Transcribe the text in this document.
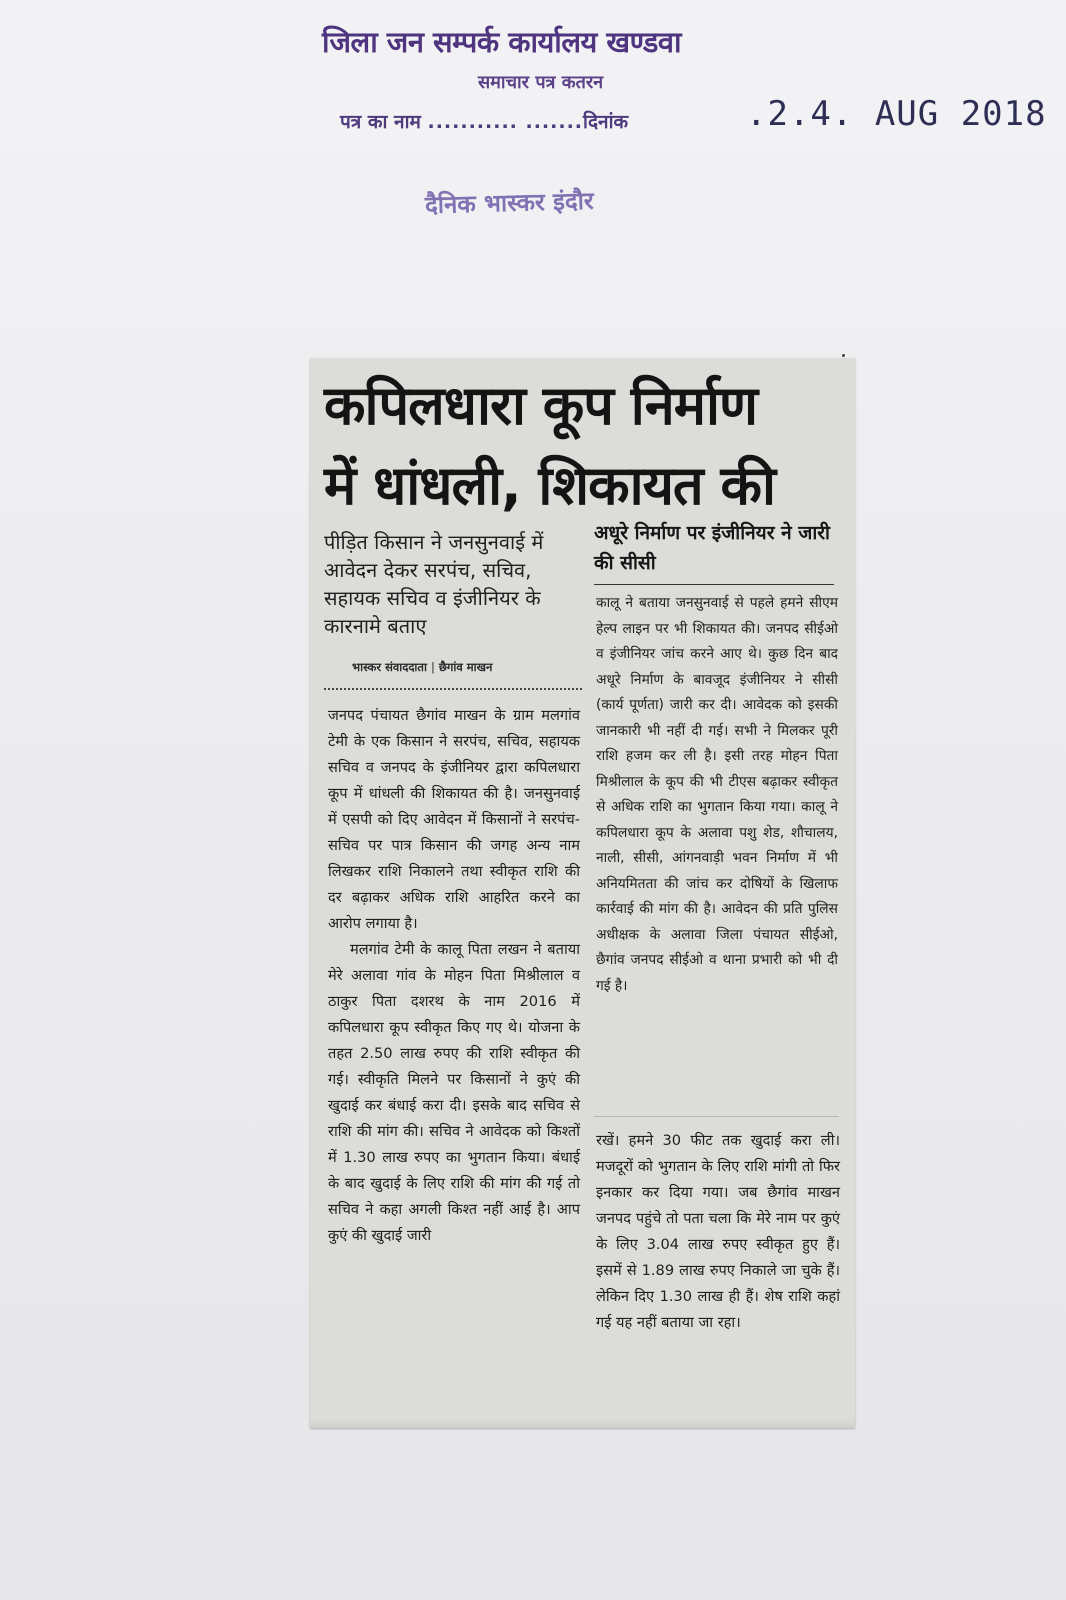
जिला जन सम्पर्क कार्यालय खण्डवा
समाचार पत्र कतरन
पत्र का नाम ........... .......दिनांक	.2.4. AUG 2018
दैनिक भास्कर इंदौर
कपिलधारा कूप निर्माण
में धांधली, शिकायत की
पीड़ित किसान ने जनसुनवाई में आवेदन देकर सरपंच, सचिव, सहायक सचिव व इंजीनियर के कारनामे बताए
भास्कर संवाददाता | छैगांव माखन

जनपद पंचायत छैगांव माखन के ग्राम मलगांव टेमी के एक किसान ने सरपंच, सचिव, सहायक सचिव व जनपद के इंजीनियर द्वारा कपिलधारा कूप में धांधली की शिकायत की है। जनसुनवाई में एसपी को दिए आवेदन में किसानों ने सरपंच-सचिव पर पात्र किसान की जगह अन्य नाम लिखकर राशि निकालने तथा स्वीकृत राशि की दर बढ़ाकर अधिक राशि आहरित करने का आरोप लगाया है।

मलगांव टेमी के कालू पिता लखन ने बताया मेरे अलावा गांव के मोहन पिता मिश्रीलाल व ठाकुर पिता दशरथ के नाम 2016 में कपिलधारा कूप स्वीकृत किए गए थे। योजना के तहत 2.50 लाख रुपए की राशि स्वीकृत की गई। स्वीकृति मिलने पर किसानों ने कुएं की खुदाई कर बंधाई करा दी। इसके बाद सचिव से राशि की मांग की। सचिव ने आवेदक को किश्तों में 1.30 लाख रुपए का भुगतान किया। बंधाई के बाद खुदाई के लिए राशि की मांग की गई तो सचिव ने कहा अगली किश्त नहीं आई है। आप कुएं की खुदाई जारी

अधूरे निर्माण पर इंजीनियर ने जारी की सीसी

कालू ने बताया जनसुनवाई से पहले हमने सीएम हेल्प लाइन पर भी शिकायत की। जनपद सीईओ व इंजीनियर जांच करने आए थे। कुछ दिन बाद अधूरे निर्माण के बावजूद इंजीनियर ने सीसी (कार्य पूर्णता) जारी कर दी। आवेदक को इसकी जानकारी भी नहीं दी गई। सभी ने मिलकर पूरी राशि हजम कर ली है। इसी तरह मोहन पिता मिश्रीलाल के कूप की भी टीएस बढ़ाकर स्वीकृत से अधिक राशि का भुगतान किया गया। कालू ने कपिलधारा कूप के अलावा पशु शेड, शौचालय, नाली, सीसी, आंगनवाड़ी भवन निर्माण में भी अनियमितता की जांच कर दोषियों के खिलाफ कार्रवाई की मांग की है। आवेदन की प्रति पुलिस अधीक्षक के अलावा जिला पंचायत सीईओ, छैगांव जनपद सीईओ व थाना प्रभारी को भी दी गई है।

रखें। हमने 30 फीट तक खुदाई करा ली। मजदूरों को भुगतान के लिए राशि मांगी तो फिर इनकार कर दिया गया। जब छैगांव माखन जनपद पहुंचे तो पता चला कि मेरे नाम पर कुएं के लिए 3.04 लाख रुपए स्वीकृत हुए हैं। इसमें से 1.89 लाख रुपए निकाले जा चुके हैं। लेकिन दिए 1.30 लाख ही हैं। शेष राशि कहां गई यह नहीं बताया जा रहा।
